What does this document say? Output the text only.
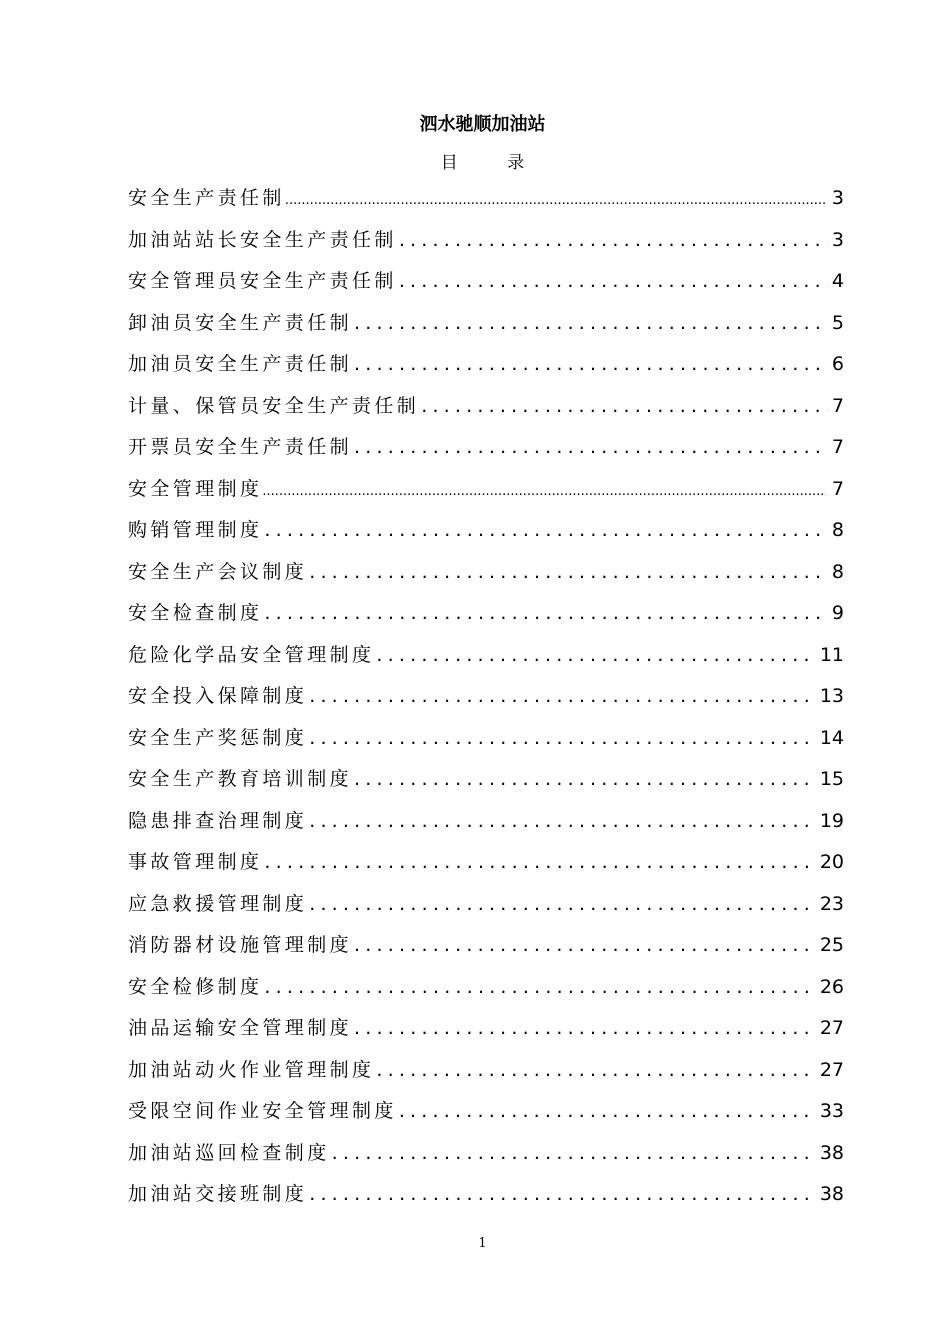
泗水驰顺加油站
目 录
安全生产责任制 .....	3
加油站站长安全生产责任制 .....	3
安全管理员安全生产责任制 .....	4
卸油员安全生产责任制 .....	5
加油员安全生产责任制 .....	6
计量、保管员安全生产责任制 .....	7
开票员安全生产责任制 .....	7
安全管理制度 .....	7
购销管理制度 .....	8
安全生产会议制度 .....	8
安全检查制度 .....	9
危险化学品安全管理制度 .....	11
安全投入保障制度 .....	13
安全生产奖惩制度 .....	14
安全生产教育培训制度 .....	15
隐患排查治理制度 .....	19
事故管理制度 .....	20
应急救援管理制度 .....	23
消防器材设施管理制度 .....	25
安全检修制度 .....	26
油品运输安全管理制度 .....	27
加油站动火作业管理制度 .....	27
受限空间作业安全管理制度 .....	33
加油站巡回检查制度 .....	38
加油站交接班制度 .....	38
1
